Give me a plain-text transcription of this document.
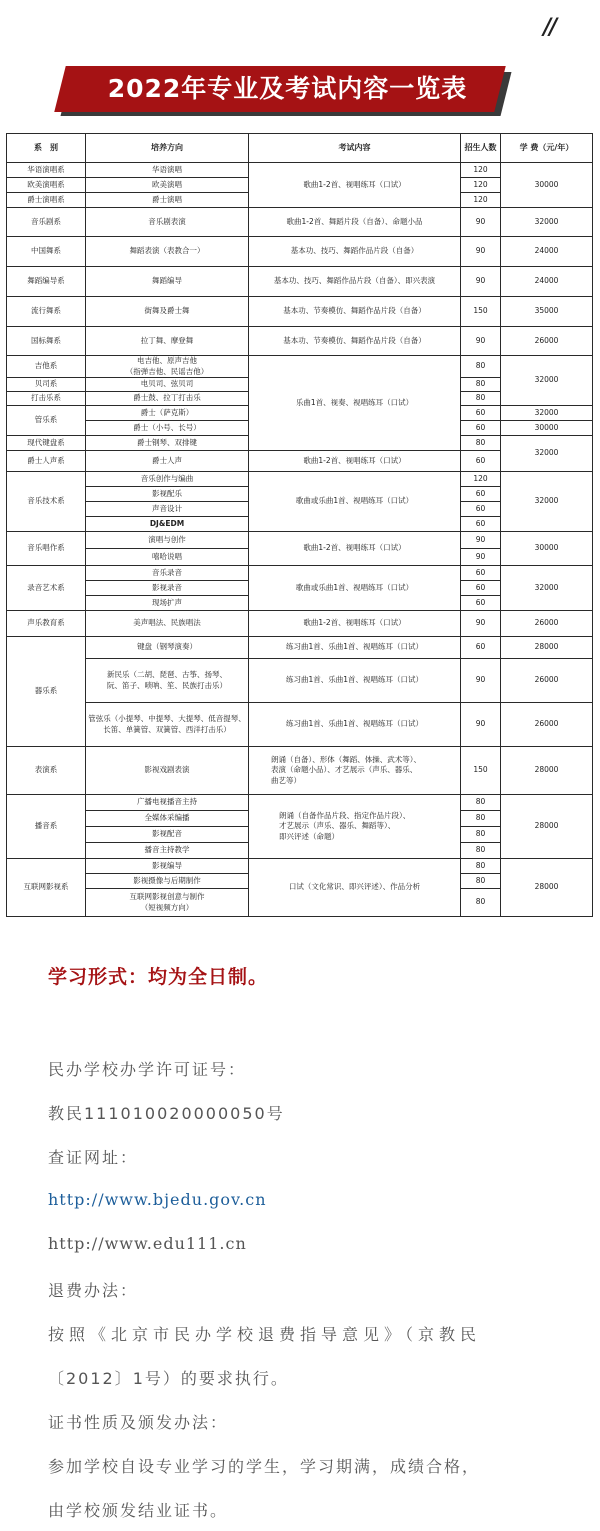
//
2022年专业及考试内容一览表
系　别	培养方向	考试内容	招生人数	学 费（元/年）
华语演唱系	华语演唱	歌曲1-2首、视唱练耳（口试）	120	30000
欧美演唱系	欧美演唱		120	
爵士演唱系	爵士演唱		120	
音乐剧系	音乐剧表演	歌曲1-2首、舞蹈片段（自备）、命题小品	90	32000
中国舞系	舞蹈表演（表教合一）	基本功、技巧、舞蹈作品片段（自备）	90	24000
舞蹈编导系	舞蹈编导	基本功、技巧、舞蹈作品片段（自备）、即兴表演	90	24000
流行舞系	街舞及爵士舞	基本功、节奏模仿、舞蹈作品片段（自备）	150	35000
国标舞系	拉丁舞、摩登舞	基本功、节奏模仿、舞蹈作品片段（自备）	90	26000
吉他系	电吉他、原声吉他
（指弹吉他、民谣吉他）	乐曲1首、视奏、视唱练耳（口试）	80	32000
贝司系	电贝司、弦贝司		80	
打击乐系	爵士鼓、拉丁打击乐		80	
管乐系	爵士（萨克斯）		60	32000
	爵士（小号、长号）		60	30000
现代键盘系	爵士钢琴、双排键		80	32000
爵士人声系	爵士人声	歌曲1-2首、视唱练耳（口试）	60	
音乐技术系	音乐创作与编曲	歌曲或乐曲1首、视唱练耳（口试）	120	32000
	影视配乐		60	
	声音设计		60	
	DJ&EDM		60	
音乐唱作系	演唱与创作	歌曲1-2首、视唱练耳（口试）	90	30000
	嘻哈说唱		90	
录音艺术系	音乐录音	歌曲或乐曲1首、视唱练耳（口试）	60	32000
	影视录音		60	
	现场扩声		60	
声乐教育系	美声唱法、民族唱法	歌曲1-2首、视唱练耳（口试）	90	26000
器乐系	键盘（钢琴演奏）	练习曲1首、乐曲1首、视唱练耳（口试）	60	28000
	新民乐（二胡、琵琶、古筝、扬琴、
阮、笛子、唢呐、笙、民族打击乐）	练习曲1首、乐曲1首、视唱练耳（口试）	90	26000
	管弦乐（小提琴、中提琴、大提琴、低音提琴、
长笛、单簧管、双簧管、西洋打击乐）	练习曲1首、乐曲1首、视唱练耳（口试）	90	26000
表演系	影视戏剧表演	朗诵（自备）、形体（舞蹈、体操、武术等）、
表演（命题小品）、才艺展示（声乐、器乐、
曲艺等）	150	28000
播音系	广播电视播音主持	朗诵（自备作品片段、指定作品片段）、
才艺展示（声乐、器乐、舞蹈等）、
即兴评述（命题）	80	28000
	全媒体采编播		80	
	影视配音		80	
	播音主持教学		80	
互联网影视系	影视编导	口试（文化常识、即兴评述）、作品分析	80	28000
	影视摄像与后期制作		80	
	互联网影视创意与制作
（短视频方向）		80	
学习形式：均为全日制。
民办学校办学许可证号：
教民111010020000050号
查证网址：
http://www.bjedu.gov.cn
http://www.edu111.cn
退费办法：
按照《北京市民办学校退费指导意见》（京教民
〔2012〕1号）的要求执行。
证书性质及颁发办法：
参加学校自设专业学习的学生，学习期满，成绩合格，
由学校颁发结业证书。
